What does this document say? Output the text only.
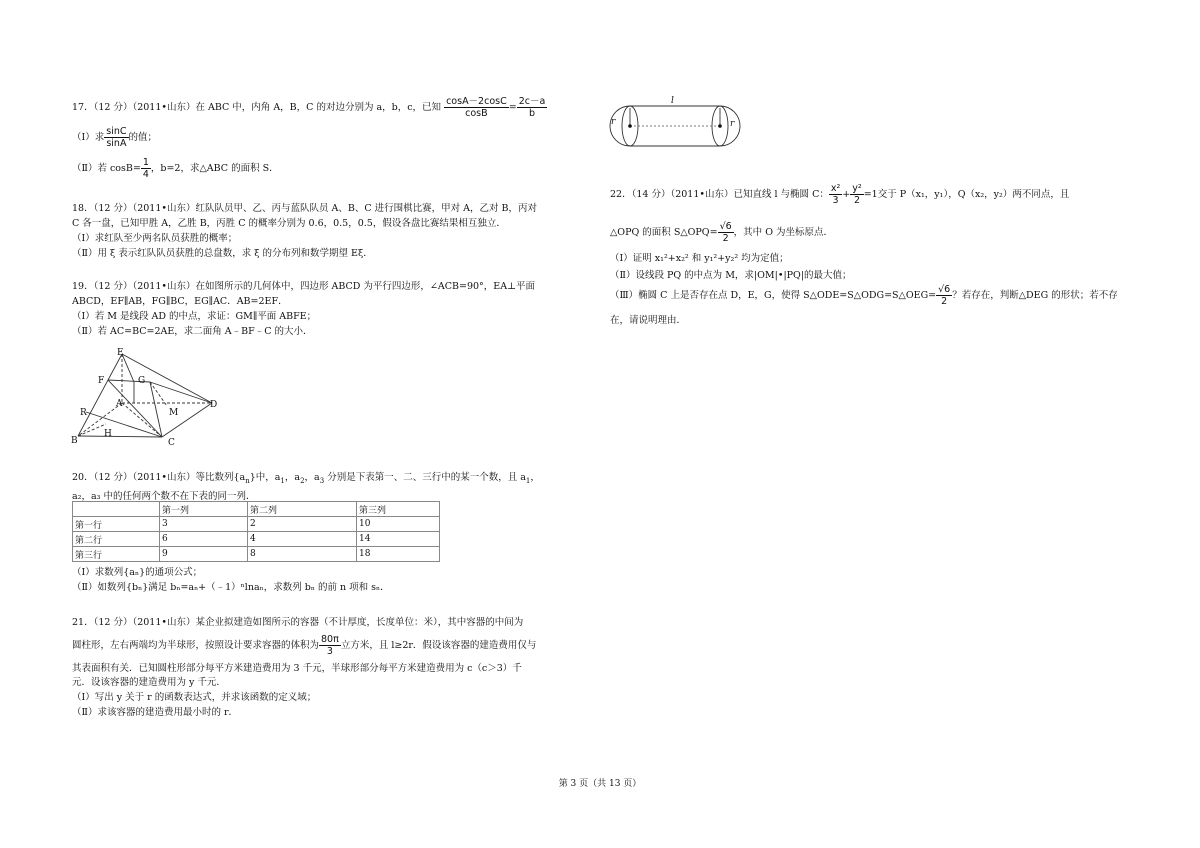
17．（12 分）（2011•山东）在 ABC 中，内角 A，B，C 的对边分别为 a，b，c，已知 $\frac{\cos A-2\cos C}{\cos B} = \frac{2c-a}{b}$
（Ⅰ）求 $\frac{\sin C}{\sin A}$ 的值；
（Ⅱ）若 $\cos B= \frac{1}{4}$ ，b=2，求△ABC 的面积 S．
18．（12 分）（2011•山东）红队队员甲、乙、丙与蓝队队员 A、B、C 进行围棋比赛，甲对 A，乙对 B，丙对
C 各一盘，已知甲胜 A，乙胜 B，丙胜 C 的概率分别为 0.6，0.5，0.5，假设各盘比赛结果相互独立．
（Ⅰ）求红队至少两名队员获胜的概率；
（Ⅱ）用 ξ 表示红队队员获胜的总盘数，求 ξ 的分布列和数学期望 Eξ．
19．（12 分）（2011•山东）在如图所示的几何体中，四边形 ABCD 为平行四边形，∠ACB=90°，EA⊥平面
ABCD，EF∥AB，FG∥BC，EG∥AC．AB=2EF．
（Ⅰ）若 M 是线段 AD 的中点，求证：GM∥平面 ABFE；
（Ⅱ）若 AC=BC=2AE，求二面角 A﹣BF﹣C 的大小．
E
F	G
A
M
D
R
H
B	C
20．（12 分）（2011•山东）等比数列$\{a_n\}$中，$a_1$，$a_2$，$a_3$ 分别是下表第一、二、三行中的某一个数，且 $a_1$，
a₂，a₃ 中的任何两个数不在下表的同一列．
	第一列	第二列	第三列
第一行	3	2	10
第二行	6	4	14
第三行	9	8	18
（Ⅰ）求数列{aₙ}的通项公式；
（Ⅱ）如数列{bₙ}满足 bₙ=aₙ+（﹣1）ⁿlnaₙ，求数列 bₙ 的前 n 项和 sₙ．
21．（12 分）（2011•山东）某企业拟建造如图所示的容器（不计厚度，长度单位：米），其中容器的中间为
圆柱形，左右两端均为半球形，按照设计要求容器的体积为 $\frac{80\pi}{3}$ 立方米，且 l≥2r．假设该容器的建造费用仅与
其表面积有关．已知圆柱形部分每平方米建造费用为 3 千元，半球形部分每平方米建造费用为 c（c＞3）千
元．设该容器的建造费用为 y 千元．
（Ⅰ）写出 y 关于 r 的函数表达式，并求该函数的定义域；
（Ⅱ）求该容器的建造费用最小时的 r．
l
r	r
22．（14 分）（2011•山东）已知直线 l 与椭圆 C： $\frac{\text{x²}}{3} + \frac{\text{y²}}{2} =1$交于 P（x₁，y₁），Q（x₂，y₂）两不同点，且
△OPQ 的面积 S△OPQ= $\frac{√6}{2}$ ，其中 O 为坐标原点．
（Ⅰ）证明 x₁²+x₂² 和 y₁²+y₂² 均为定值；
（Ⅱ）设线段 PQ 的中点为 M，求|OM|•|PQ|的最大值；
（Ⅲ）椭圆 C 上是否存在点 D，E，G，使得 S△ODE=S△ODG=S△OEG= $\frac{√6}{2}$ ？若存在，判断△DEG 的形状；若不存
在，请说明理由．
第 3 页（共 13 页）
